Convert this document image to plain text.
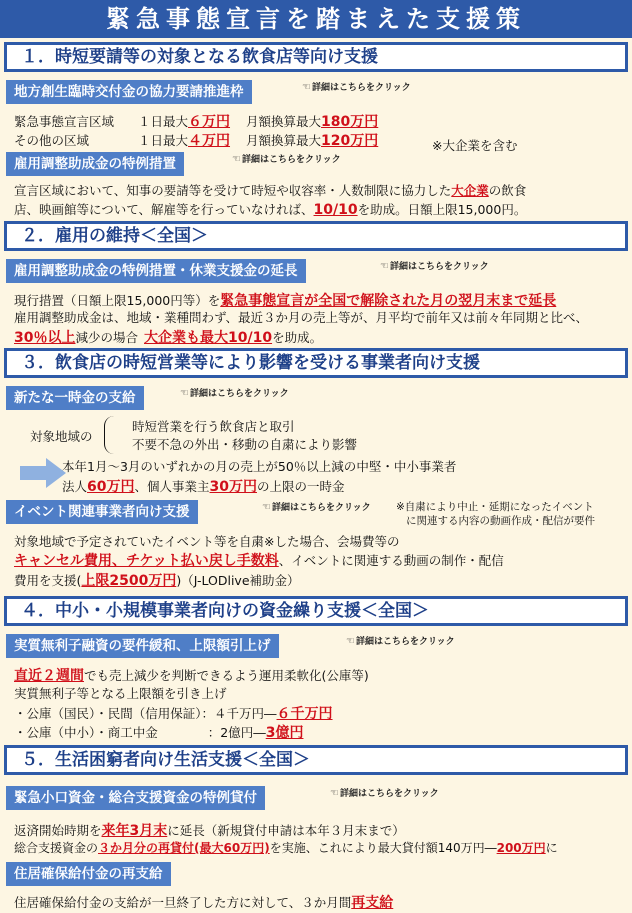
緊急事態宣言を踏まえた支援策
１．時短要請等の対象となる飲食店等向け支援
地方創生臨時交付金の協力要請推進枠	☜詳細はこちらをクリック
緊急事態宣言区域 １日最大６万円 月額換算最大180万円
その他の区域	１日最大４万円 月額換算最大120万円	※大企業を含む
雇用調整助成金の特例措置	☜詳細はこちらをクリック
宣言区域において、知事の要請等を受けて時短や収容率・人数制限に協力した大企業の飲食
店、映画館等について、解雇等を行っていなければ、10/10を助成。日額上限15,000円。
２．雇用の維持＜全国＞
雇用調整助成金の特例措置・休業支援金の延長	☜詳細はこちらをクリック
現行措置（日額上限15,000円等）を緊急事態宣言が全国で解除された月の翌月末まで延長
雇用調整助成金は、地域・業種問わず、最近３か月の売上等が、月平均で前年又は前々年同期と比べ、
30％以上減少の場合 大企業も最大10/10を助成。
３．飲食店の時短営業等により影響を受ける事業者向け支援
新たな一時金の支給	☜詳細はこちらをクリック
対象地域の
時短営業を行う飲食店と取引
不要不急の外出・移動の自粛により影響
本年1月～3月のいずれかの月の売上が50％以上減の中堅・中小事業者
法人60万円、個人事業主30万円の上限の一時金
イベント関連事業者向け支援	☜詳細はこちらをクリック ※自粛により中止・延期になったイベント
に関連する内容の動画作成・配信が要件
対象地域で予定されていたイベント等を自粛※した場合、会場費等の
キャンセル費用、チケット払い戻し手数料、イベントに関連する動画の制作・配信
費用を支援(上限2500万円)（J-LODlive補助金）
４．中小・小規模事業者向けの資金繰り支援＜全国＞
実質無利子融資の要件緩和、上限額引上げ	☜詳細はこちらをクリック
直近２週間でも売上減少を判断できるよう運用柔軟化(公庫等)
実質無利子等となる上限額を引き上げ
・公庫（国民）・民間（信用保証）：４千万円―６千万円
・公庫（中小）・商工中金　　　　：2億円―3億円
５．生活困窮者向け生活支援＜全国＞
緊急小口資金・総合支援資金の特例貸付	☜詳細はこちらをクリック
返済開始時期を来年3月末に延長（新規貸付申請は本年３月末まで）
総合支援資金の３か月分の再貸付(最大60万円)を実施、これにより最大貸付額140万円―200万円に
住居確保給付金の再支給
住居確保給付金の支給が一旦終了した方に対して、３か月間再支給
